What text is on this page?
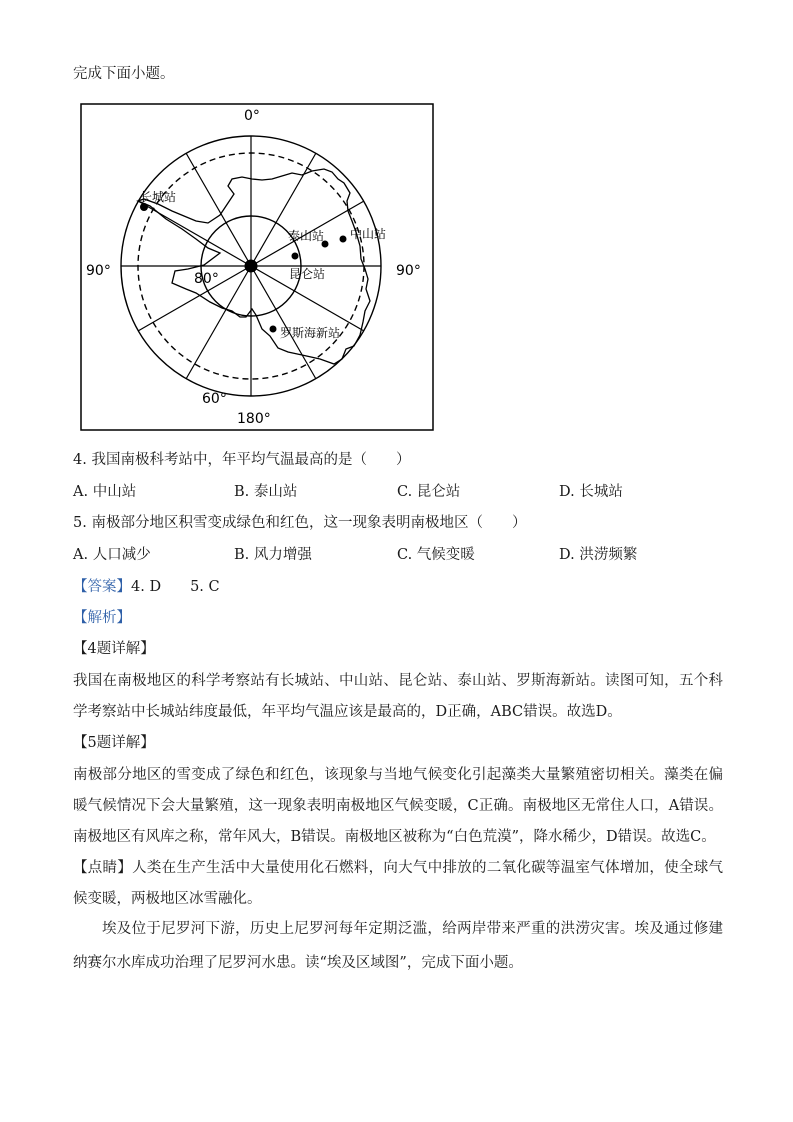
完成下面小题。
0°
180°
90°	90°
80°
60°
长城站
泰山站 中山站
昆仑站
罗斯海新站
4. 我国南极科考站中，年平均气温最高的是（　　）
A. 中山站	B. 泰山站	C. 昆仑站	D. 长城站
5. 南极部分地区积雪变成绿色和红色，这一现象表明南极地区（　　）
A. 人口减少	B. 风力增强	C. 气候变暖	D. 洪涝频繁
【答案】4. D　　5. C
【解析】
【4题详解】
我国在南极地区的科学考察站有长城站、中山站、昆仑站、泰山站、罗斯海新站。读图可知，五个科学考察站中长城站纬度最低，年平均气温应该是最高的，D正确，ABC错误。故选D。
【5题详解】
南极部分地区的雪变成了绿色和红色，该现象与当地气候变化引起藻类大量繁殖密切相关。藻类在偏暖气候情况下会大量繁殖，这一现象表明南极地区气候变暖，C正确。南极地区无常住人口，A错误。南极地区有风库之称，常年风大，B错误。南极地区被称为“白色荒漠”，降水稀少，D错误。故选C。
【点睛】人类在生产生活中大量使用化石燃料，向大气中排放的二氧化碳等温室气体增加，使全球气候变暖，两极地区冰雪融化。
埃及位于尼罗河下游，历史上尼罗河每年定期泛滥，给两岸带来严重的洪涝灾害。埃及通过修建纳赛尔水库成功治理了尼罗河水患。读“埃及区域图”，完成下面小题。
